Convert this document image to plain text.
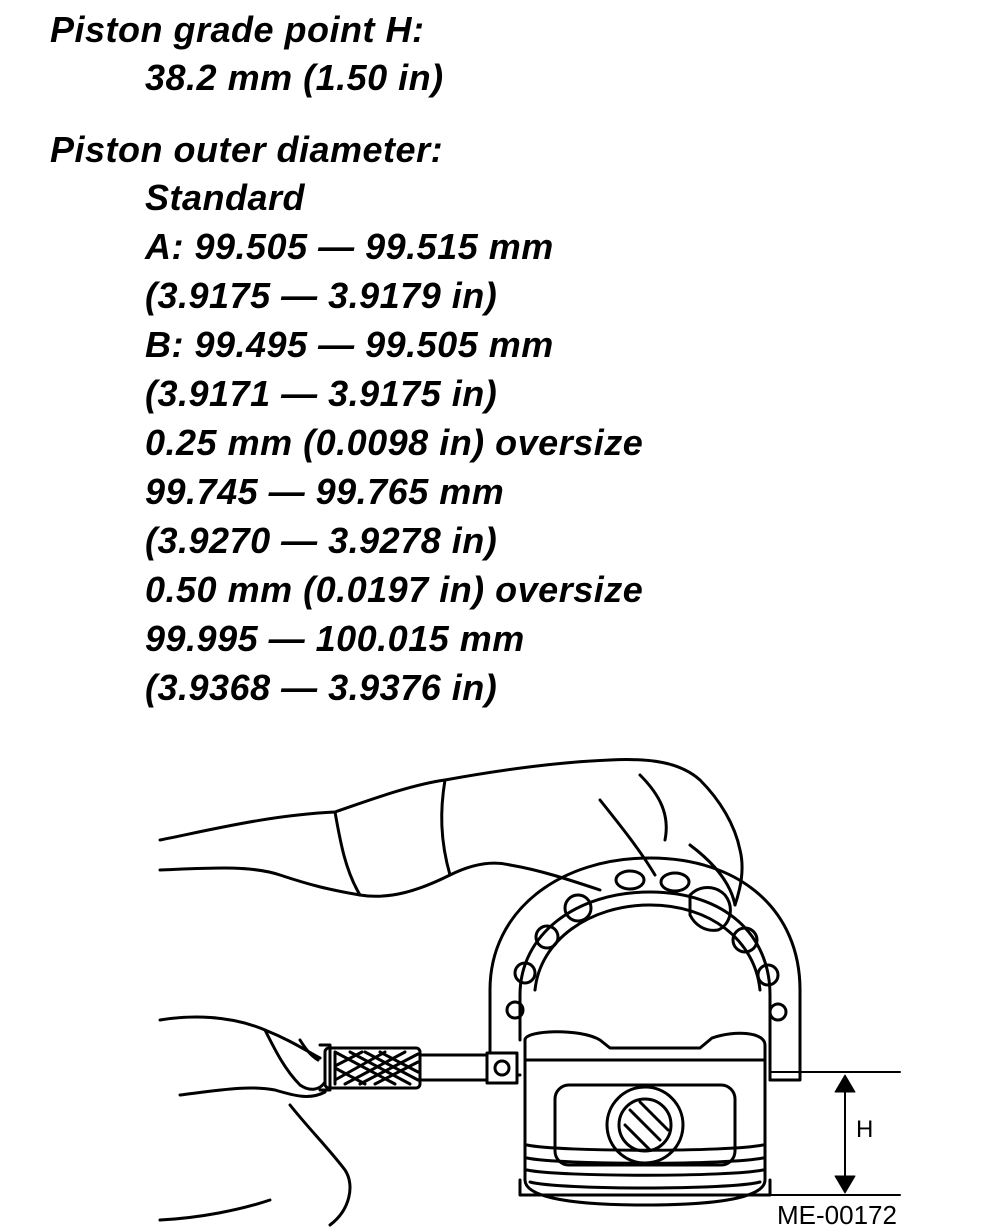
Piston grade point H:
38.2 mm (1.50 in)
Piston outer diameter:
Standard
A: 99.505 — 99.515 mm
(3.9175 — 3.9179 in)
B: 99.495 — 99.505 mm
(3.9171 — 3.9175 in)
0.25 mm (0.0098 in) oversize
99.745 — 99.765 mm
(3.9270 — 3.9278 in)
0.50 mm (0.0197 in) oversize
99.995 — 100.015 mm
(3.9368 — 3.9376 in)
H
ME-00172
